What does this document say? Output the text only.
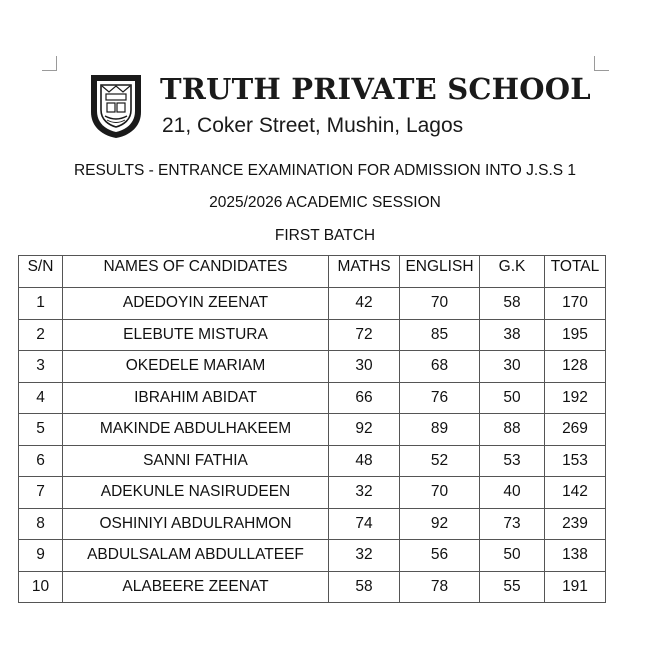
TRUTH PRIVATE SCHOOL
21, Coker Street, Mushin, Lagos
RESULTS - ENTRANCE EXAMINATION FOR ADMISSION INTO J.S.S 1
2025/2026 ACADEMIC SESSION
FIRST BATCH
S/N	NAMES OF CANDIDATES	MATHS	ENGLISH	G.K	TOTAL
1	ADEDOYIN ZEENAT	42	70	58	170
2	ELEBUTE MISTURA	72	85	38	195
3	OKEDELE MARIAM	30	68	30	128
4	IBRAHIM ABIDAT	66	76	50	192
5	MAKINDE ABDULHAKEEM	92	89	88	269
6	SANNI FATHIA	48	52	53	153
7	ADEKUNLE NASIRUDEEN	32	70	40	142
8	OSHINIYI ABDULRAHMON	74	92	73	239
9	ABDULSALAM ABDULLATEEF	32	56	50	138
10	ALABEERE ZEENAT	58	78	55	191
